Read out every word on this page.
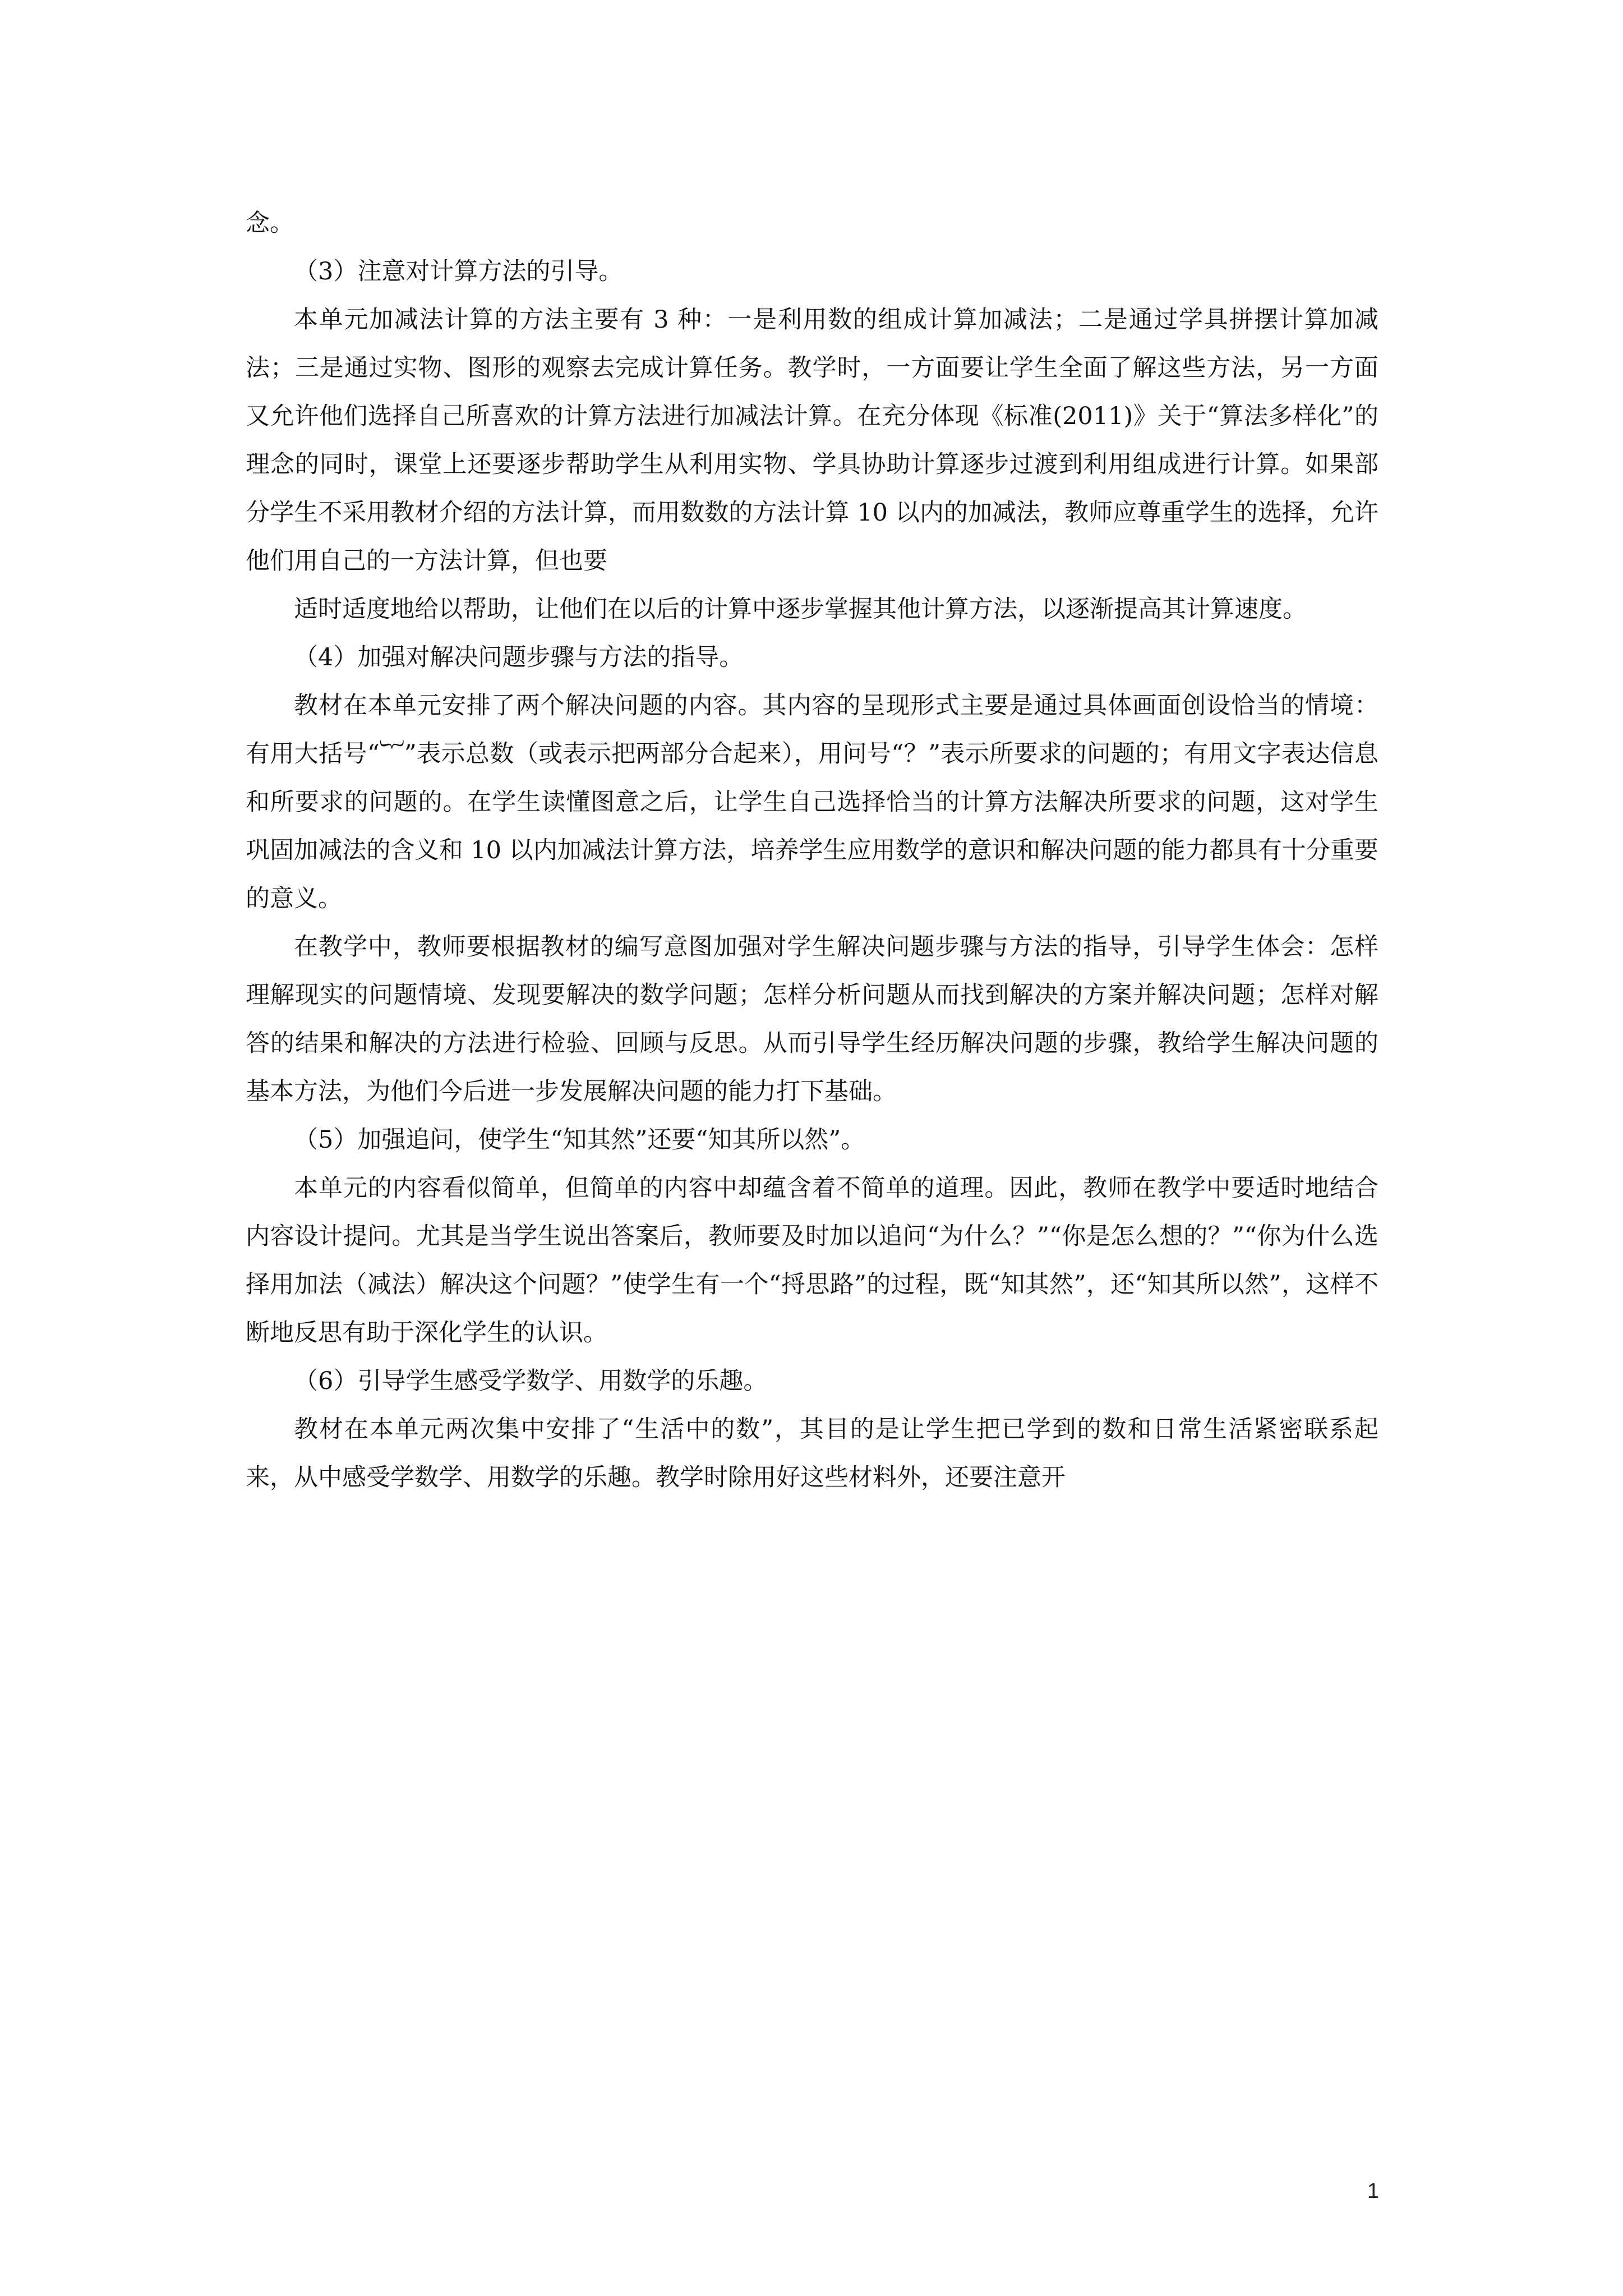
念。

（3）注意对计算方法的引导。

本单元加减法计算的方法主要有 3 种：一是利用数的组成计算加减法；二是通过学具拼摆计算加减法；三是通过实物、图形的观察去完成计算任务。教学时，一方面要让学生全面了解这些方法，另一方面又允许他们选择自己所喜欢的计算方法进行加减法计算。在充分体现《标准(2011)》关于“算法多样化”的理念的同时，课堂上还要逐步帮助学生从利用实物、学具协助计算逐步过渡到利用组成进行计算。如果部分学生不采用教材介绍的方法计算，而用数数的方法计算 10 以内的加减法，教师应尊重学生的选择，允许他们用自己的一方法计算，但也要

适时适度地给以帮助，让他们在以后的计算中逐步掌握其他计算方法，以逐渐提高其计算速度。

（4）加强对解决问题步骤与方法的指导。

教材在本单元安排了两个解决问题的内容。其内容的呈现形式主要是通过具体画面创设恰当的情境：有用大括号“︸”表示总数（或表示把两部分合起来），用问号“？”表示所要求的问题的；有用文字表达信息和所要求的问题的。在学生读懂图意之后，让学生自己选择恰当的计算方法解决所要求的问题，这对学生巩固加减法的含义和 10 以内加减法计算方法，培养学生应用数学的意识和解决问题的能力都具有十分重要的意义。

在教学中，教师要根据教材的编写意图加强对学生解决问题步骤与方法的指导，引导学生体会：怎样理解现实的问题情境、发现要解决的数学问题；怎样分析问题从而找到解决的方案并解决问题；怎样对解答的结果和解决的方法进行检验、回顾与反思。从而引导学生经历解决问题的步骤，教给学生解决问题的基本方法，为他们今后进一步发展解决问题的能力打下基础。

（5）加强追问，使学生“知其然”还要“知其所以然”。

本单元的内容看似简单，但简单的内容中却蕴含着不简单的道理。因此，教师在教学中要适时地结合内容设计提问。尤其是当学生说出答案后，教师要及时加以追问“为什么？”“你是怎么想的？”“你为什么选择用加法（减法）解决这个问题？”使学生有一个“捋思路”的过程，既“知其然”，还“知其所以然”，这样不断地反思有助于深化学生的认识。

（6）引导学生感受学数学、用数学的乐趣。

教材在本单元两次集中安排了“生活中的数”，其目的是让学生把已学到的数和日常生活紧密联系起来，从中感受学数学、用数学的乐趣。教学时除用好这些材料外，还要注意开

1
